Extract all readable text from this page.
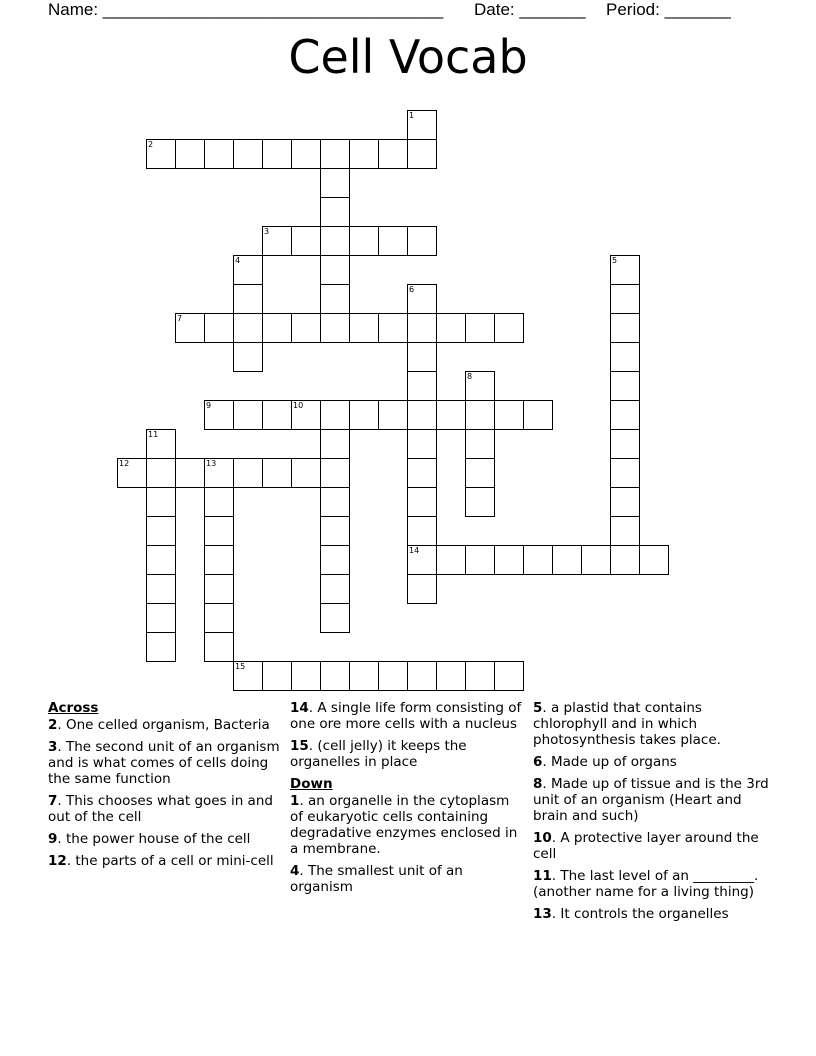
Name: ____________________________________ Date: _______ Period: _______
Cell Vocab
1
2
3
4	5
6
7
8
9	10
11
12	13
14
15
Across
2. One celled organism, Bacteria
3. The second unit of an organism and is what comes of cells doing the same function
7. This chooses what goes in and out of the cell
9. the power house of the cell
12. the parts of a cell or mini-cell
14. A single life form consisting of one ore more cells with a nucleus
15. (cell jelly) it keeps the organelles in place
Down
1. an organelle in the cytoplasm of eukaryotic cells containing degradative enzymes enclosed in a membrane.
4. The smallest unit of an organism
5. a plastid that contains chlorophyll and in which photosynthesis takes place.
6. Made up of organs
8. Made up of tissue and is the 3rd unit of an organism (Heart and brain and such)
10. A protective layer around the cell
11. The last level of an _________. (another name for a living thing)
13. It controls the organelles
